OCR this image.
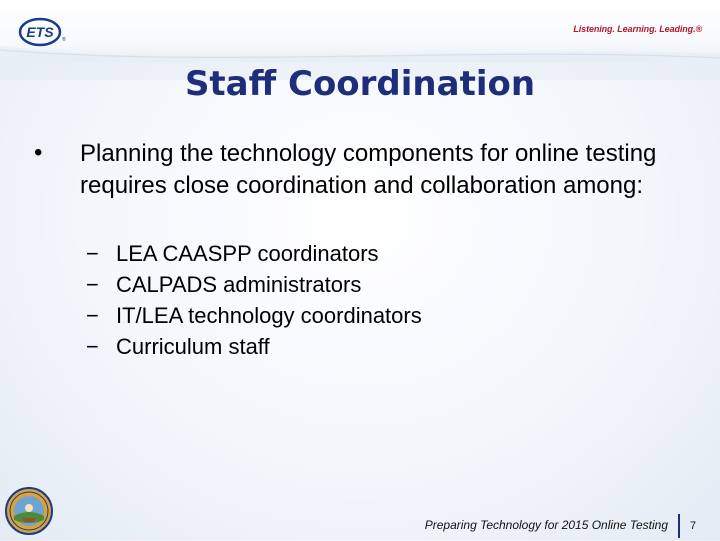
ETS ®
Listening. Learning. Leading.®
Staff Coordination
• Planning the technology components for online testing requires close coordination and collaboration among:
− LEA CAASPP coordinators
− CALPADS administrators
− IT/LEA technology coordinators
− Curriculum staff
Preparing Technology for 2015 Online Testing 7
